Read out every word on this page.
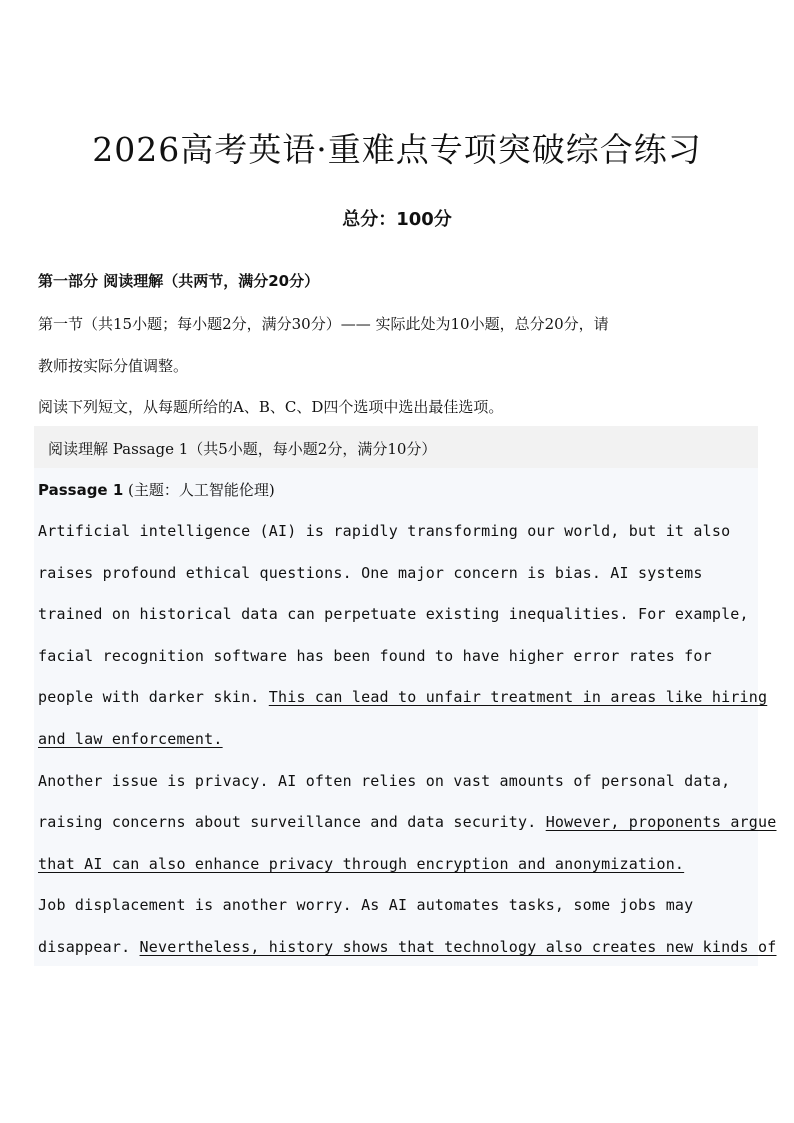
2026高考英语·重难点专项突破综合练习
总分：100分
第一部分 阅读理解（共两节，满分20分）
第一节（共15小题；每小题2分，满分30分）—— 实际此处为10小题，总分20分，请
教师按实际分值调整。
阅读下列短文，从每题所给的A、B、C、D四个选项中选出最佳选项。
阅读理解 Passage 1（共5小题，每小题2分，满分10分）
Passage 1 (主题：人工智能伦理)
Artificial intelligence (AI) is rapidly transforming our world, but it also
raises profound ethical questions. One major concern is bias. AI systems
trained on historical data can perpetuate existing inequalities. For example,
facial recognition software has been found to have higher error rates for
people with darker skin. This can lead to unfair treatment in areas like hiring
and law enforcement.
Another issue is privacy. AI often relies on vast amounts of personal data,
raising concerns about surveillance and data security. However, proponents argue
that AI can also enhance privacy through encryption and anonymization.
Job displacement is another worry. As AI automates tasks, some jobs may
disappear. Nevertheless, history shows that technology also creates new kinds of
